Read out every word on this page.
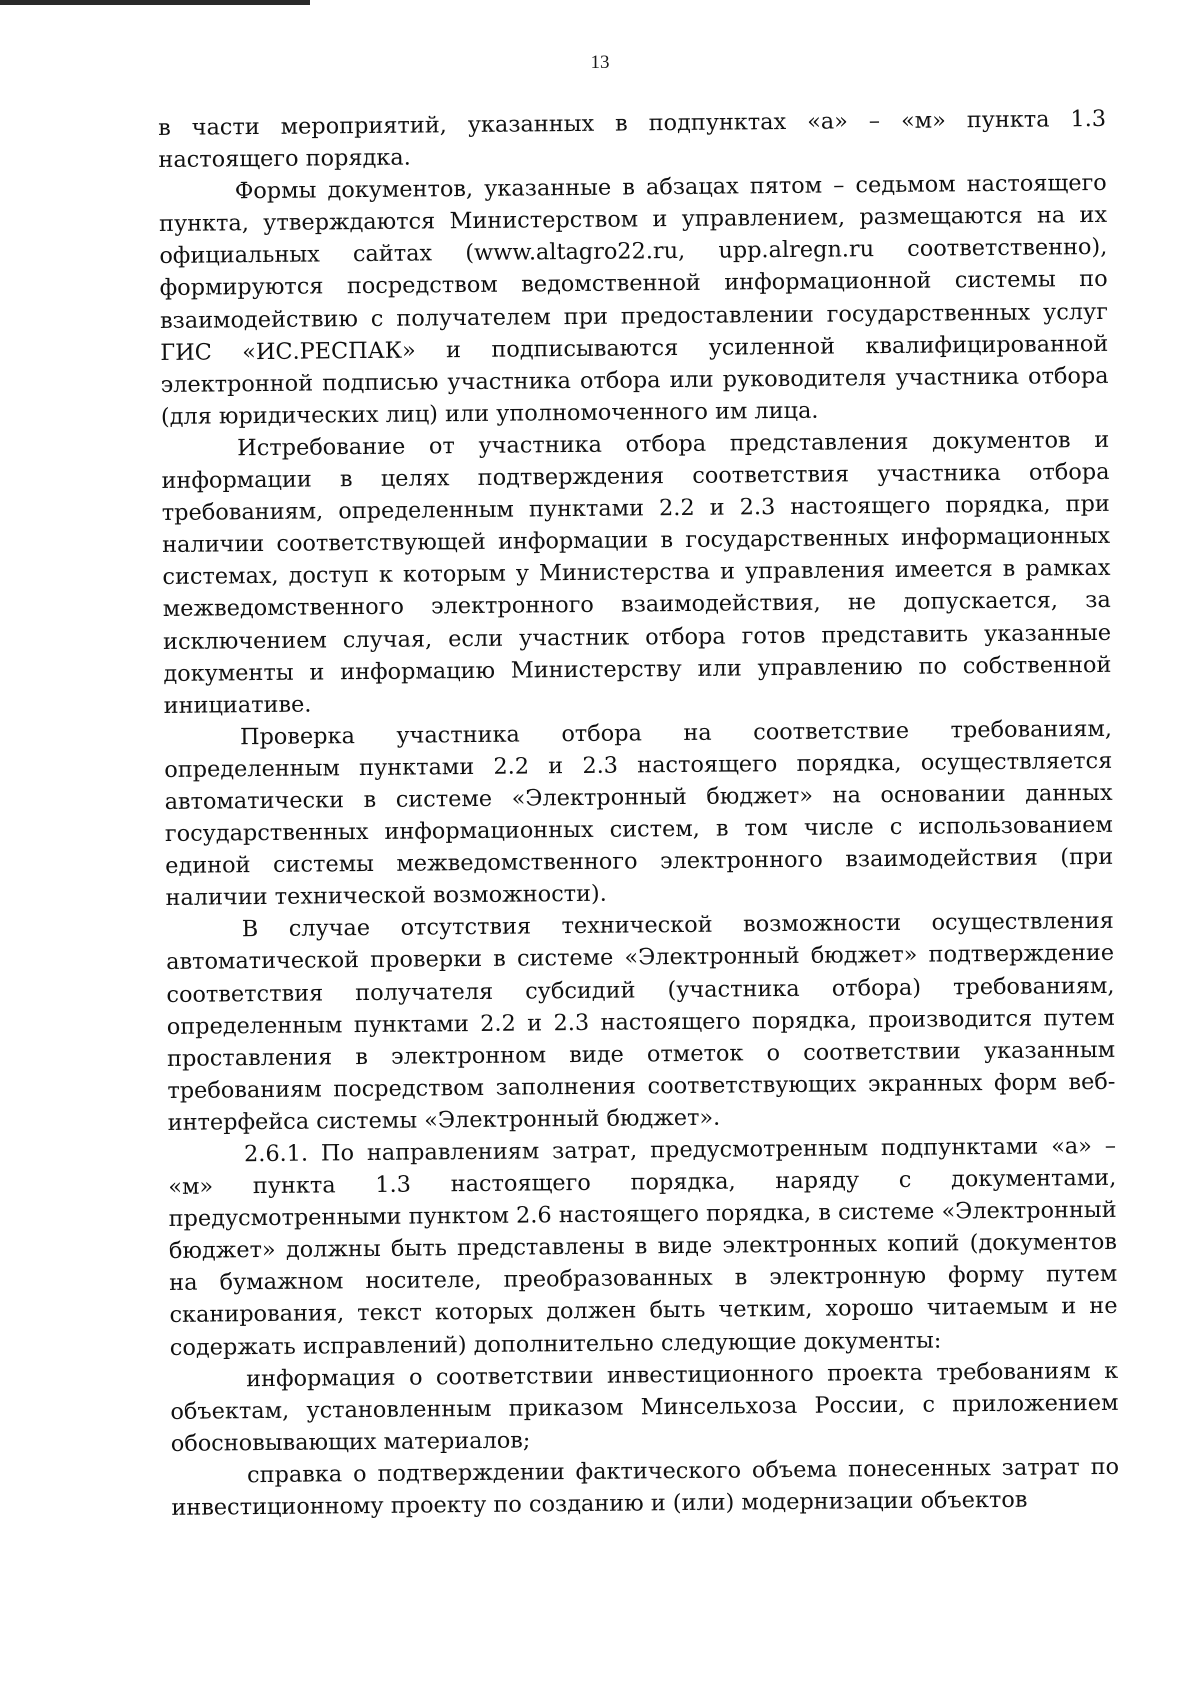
13

в части мероприятий, указанных в подпунктах «а» – «м» пункта 1.3 настоящего порядка.

Формы документов, указанные в абзацах пятом – седьмом настоящего пункта, утверждаются Министерством и управлением, размещаются на их официальных сайтах (www.altagro22.ru, upp.alregn.ru соответственно), формируются посредством ведомственной информационной системы по взаимодействию с получателем при предоставлении государственных услуг ГИС «ИС.РЕСПАК» и подписываются усиленной квалифицированной электронной подписью участника отбора или руководителя участника отбора (для юридических лиц) или уполномоченного им лица.

Истребование от участника отбора представления документов и информации в целях подтверждения соответствия участника отбора требованиям, определенным пунктами 2.2 и 2.3 настоящего порядка, при наличии соответствующей информации в государственных информационных системах, доступ к которым у Министерства и управления имеется в рамках межведомственного электронного взаимодействия, не допускается, за исключением случая, если участник отбора готов представить указанные документы и информацию Министерству или управлению по собственной инициативе.

Проверка участника отбора на соответствие требованиям, определенным пунктами 2.2 и 2.3 настоящего порядка, осуществляется автоматически в системе «Электронный бюджет» на основании данных государственных информационных систем, в том числе с использованием единой системы межведомственного электронного взаимодействия (при наличии технической возможности).

В случае отсутствия технической возможности осуществления автоматической проверки в системе «Электронный бюджет» подтверждение соответствия получателя субсидий (участника отбора) требованиям, определенным пунктами 2.2 и 2.3 настоящего порядка, производится путем проставления в электронном виде отметок о соответствии указанным требованиям посредством заполнения соответствующих экранных форм веб-интерфейса системы «Электронный бюджет».

2.6.1. По направлениям затрат, предусмотренным подпунктами «а» – «м» пункта 1.3 настоящего порядка, наряду с документами, предусмотренными пунктом 2.6 настоящего порядка, в системе «Электронный бюджет» должны быть представлены в виде электронных копий (документов на бумажном носителе, преобразованных в электронную форму путем сканирования, текст которых должен быть четким, хорошо читаемым и не содержать исправлений) дополнительно следующие документы:

информация о соответствии инвестиционного проекта требованиям к объектам, установленным приказом Минсельхоза России, с приложением обосновывающих материалов;

справка о подтверждении фактического объема понесенных затрат по инвестиционному проекту по созданию и (или) модернизации объектов
